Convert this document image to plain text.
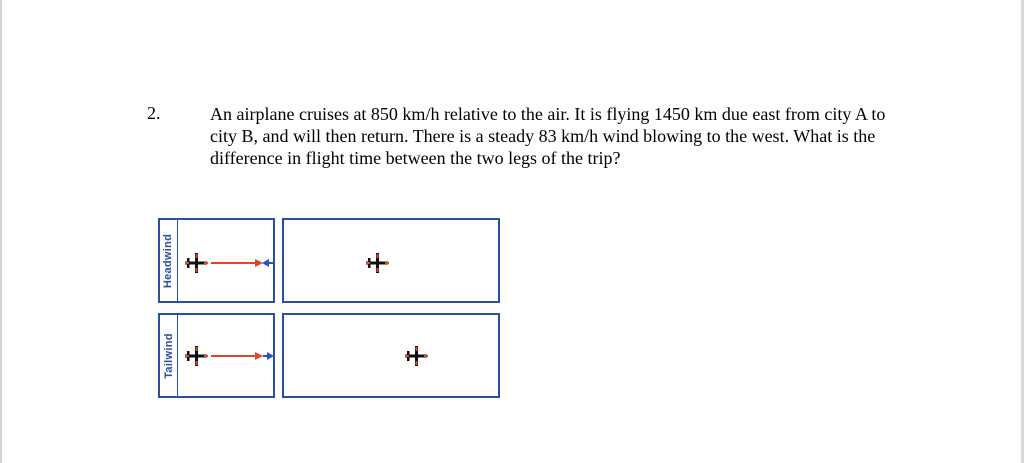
2.	An airplane cruises at 850 km/h relative to the air. It is flying 1450 km due east from city A to city B, and will then return. There is a steady 83 km/h wind blowing to the west. What is the difference in flight time between the two legs of the trip?
Headwind
Tailwind
